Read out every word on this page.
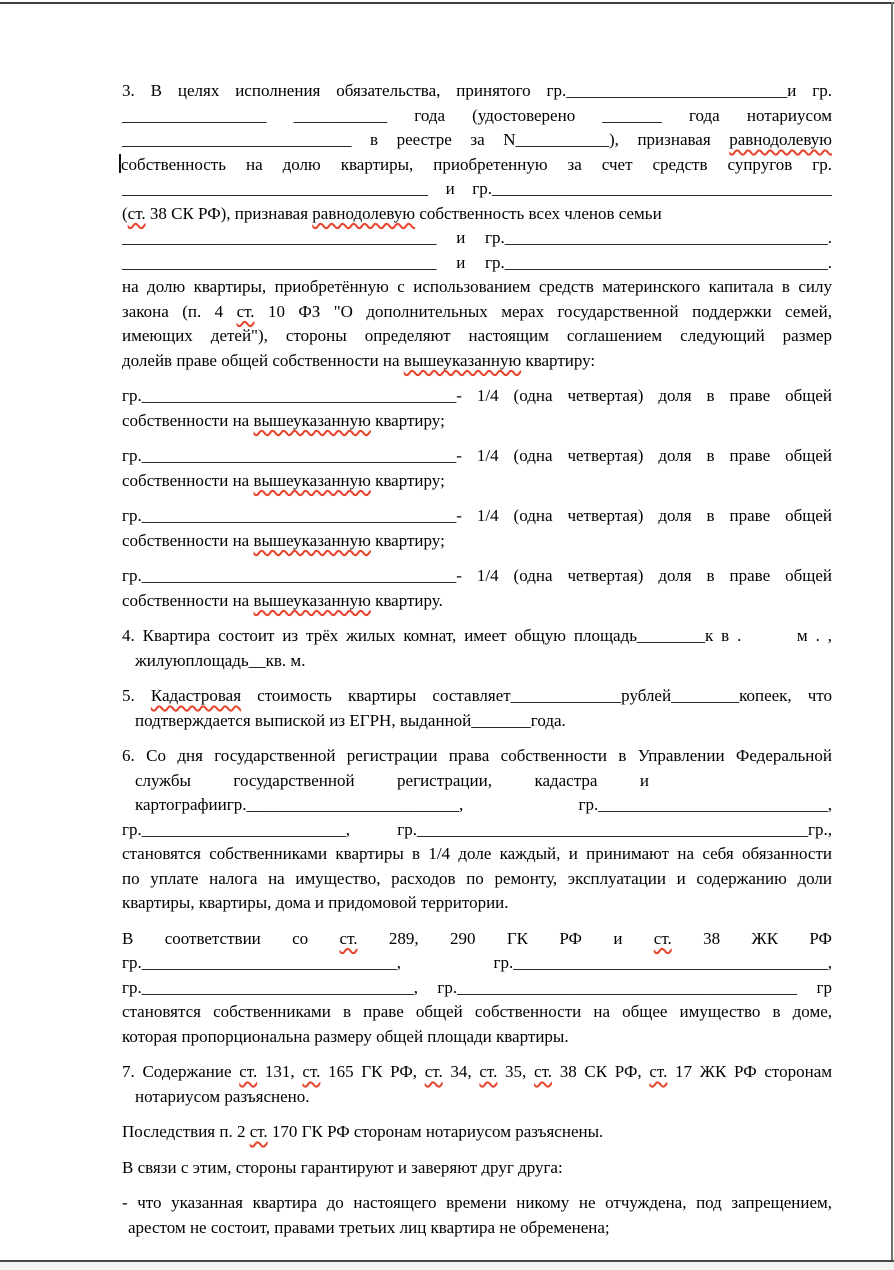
3. В целях исполнения обязательства, принятого гр.__________________________и гр.
_________________ ___________ года (удостоверено _______ года нотариусом
___________________________ в реестре за N___________), признавая равнодолевую
собственность на долю квартиры, приобретенную за счет средств супругов гр.
____________________________________ и гр.________________________________________
(ст. 38 СК РФ), признавая равнодолевую собственность всех членов семьи
_____________________________________ и гр.______________________________________.
_____________________________________ и гр.______________________________________.
на долю квартиры, приобретённую с использованием средств материнского капитала в силу
закона (п. 4 ст. 10 ФЗ "О дополнительных мерах государственной поддержки семей,
имеющих детей"), стороны определяют настоящим соглашением следующий размер
долейв праве общей собственности на вышеуказанную квартиру:
гр._____________________________________- 1/4 (одна четвертая) доля в праве общей
собственности на вышеуказанную квартиру;
гр._____________________________________- 1/4 (одна четвертая) доля в праве общей
собственности на вышеуказанную квартиру;
гр._____________________________________- 1/4 (одна четвертая) доля в праве общей
собственности на вышеуказанную квартиру;
гр._____________________________________- 1/4 (одна четвертая) доля в праве общей
собственности на вышеуказанную квартиру.
4. Квартира состоит из трёх жилых комнат, имеет общую площадь________к в .       м . ,
жилуюплощадь__кв. м.
5. Кадастровая стоимость квартиры составляет_____________рублей________копеек, что
подтверждается выпиской из ЕГРН, выданной_______года.
6. Со дня государственной регистрации права собственности в Управлении Федеральной
службы          государственной          регистрации,          кадастра          и
картографиигр._________________________,	гр.___________________________,
гр.________________________,	гр.______________________________________________гр.,
становятся собственниками квартиры в 1/4 доле каждый, и принимают на себя обязанности
по уплате налога на имущество, расходов по ремонту, эксплуатации и содержанию доли
квартиры, квартиры, дома и придомовой территории.
В соответствии со ст. 289, 290 ГК РФ и ст. 38 ЖК РФ
гр.______________________________,	гр._____________________________________,
гр.________________________________, гр.________________________________________ гр
становятся собственниками в праве общей собственности на общее имущество в доме,
которая пропорциональна размеру общей площади квартиры.
7. Содержание ст. 131, ст. 165 ГК РФ, ст. 34, ст. 35, ст. 38 СК РФ, ст. 17 ЖК РФ сторонам
нотариусом разъяснено.
Последствия п. 2 ст. 170 ГК РФ сторонам нотариусом разъяснены.
В связи с этим, стороны гарантируют и заверяют друг друга:
- что указанная квартира до настоящего времени никому не отчуждена, под запрещением,
арестом не состоит, правами третьих лиц квартира не обременена;
